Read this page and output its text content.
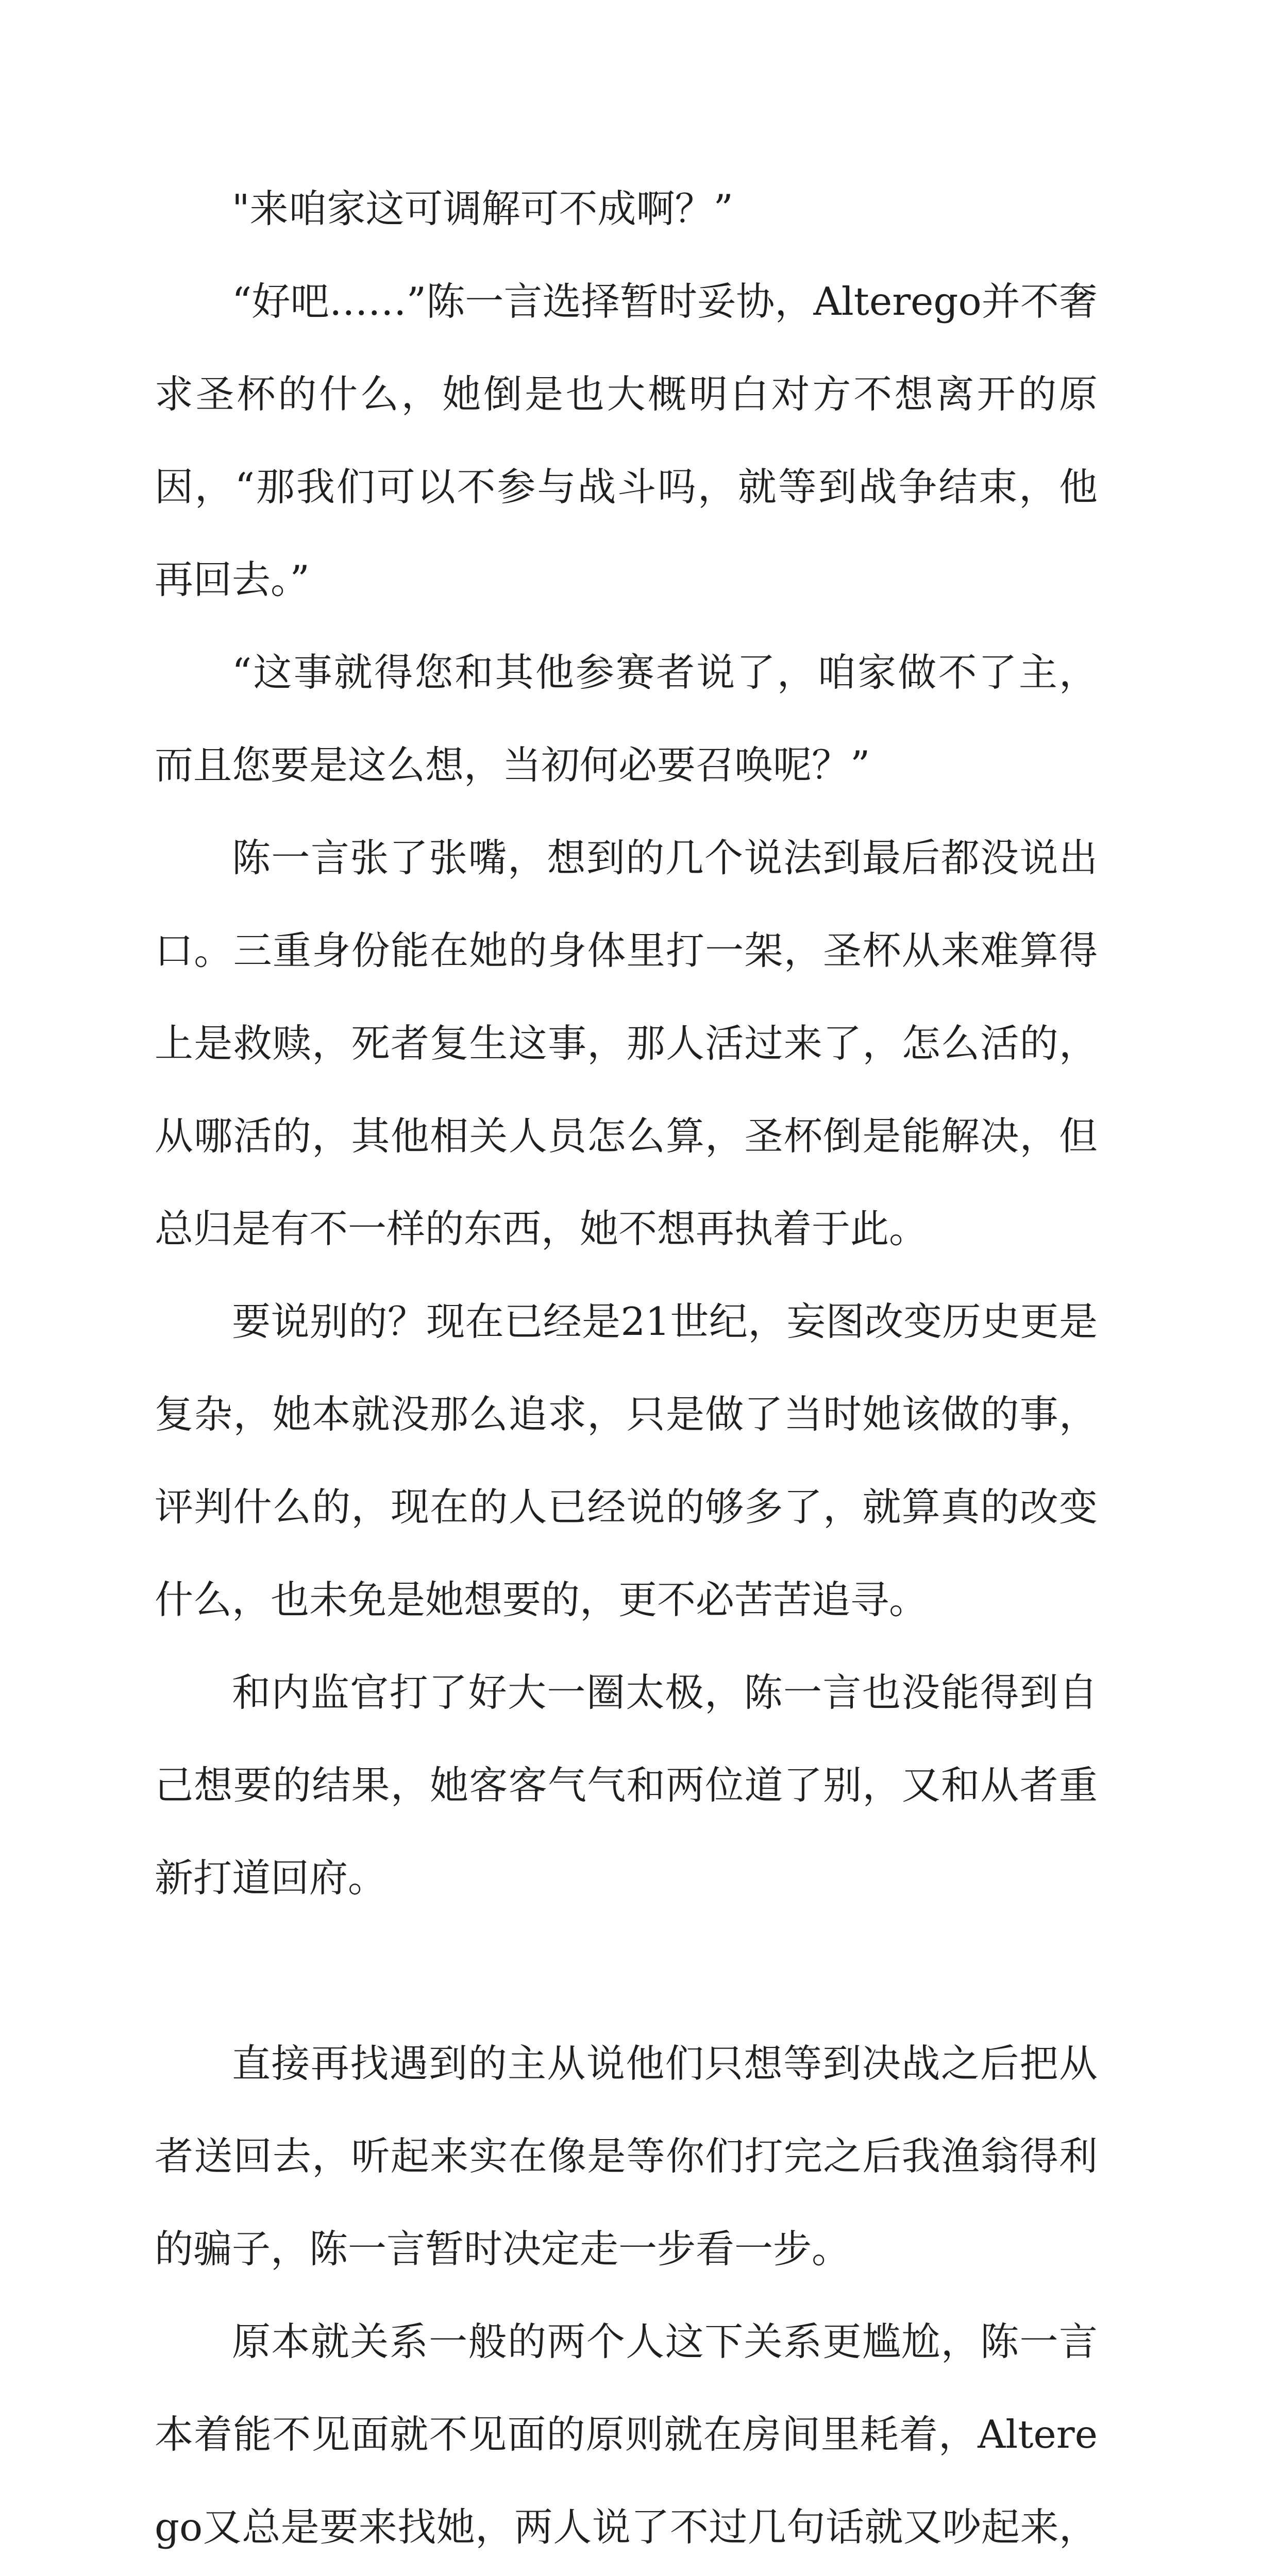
"来咱家这可调解可不成啊？”

“好吧……”陈一言选择暂时妥协，Alterego并不奢求圣杯的什么，她倒是也大概明白对方不想离开的原因，“那我们可以不参与战斗吗，就等到战争结束，他再回去。”

“这事就得您和其他参赛者说了，咱家做不了主，而且您要是这么想，当初何必要召唤呢？”

陈一言张了张嘴，想到的几个说法到最后都没说出口。三重身份能在她的身体里打一架，圣杯从来难算得上是救赎，死者复生这事，那人活过来了，怎么活的，从哪活的，其他相关人员怎么算，圣杯倒是能解决，但总归是有不一样的东西，她不想再执着于此。

要说别的？现在已经是21世纪，妄图改变历史更是复杂，她本就没那么追求，只是做了当时她该做的事，评判什么的，现在的人已经说的够多了，就算真的改变什么，也未免是她想要的，更不必苦苦追寻。

和内监官打了好大一圈太极，陈一言也没能得到自己想要的结果，她客客气气和两位道了别，又和从者重新打道回府。

直接再找遇到的主从说他们只想等到决战之后把从者送回去，听起来实在像是等你们打完之后我渔翁得利的骗子，陈一言暂时决定走一步看一步。

原本就关系一般的两个人这下关系更尴尬，陈一言本着能不见面就不见面的原则就在房间里耗着，Alterego又总是要来找她，两人说了不过几句话就又吵起来，
